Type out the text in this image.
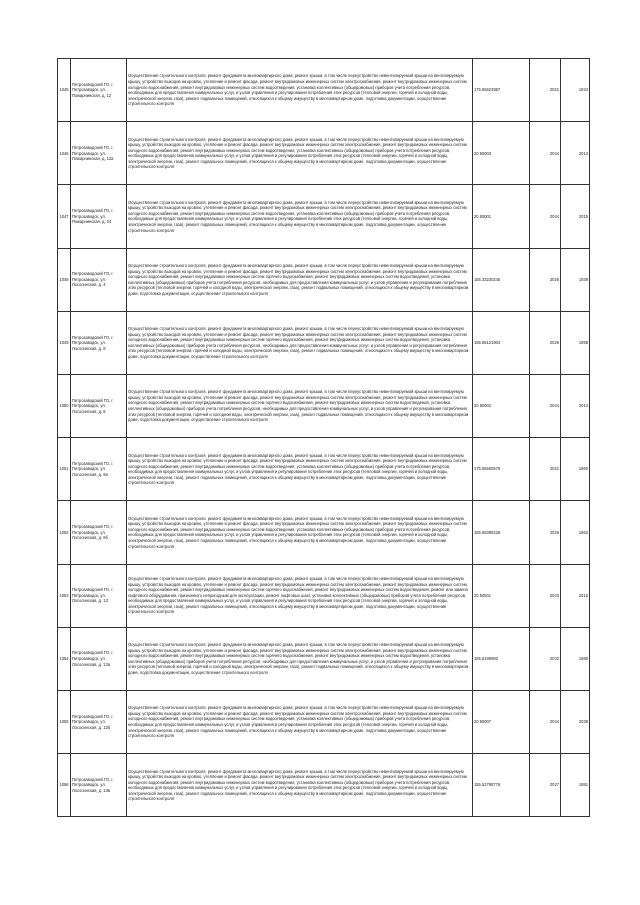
1045	Петрозаводский ГО, г. Петрозаводск, ул. Пожарнинская, д. 12	Осуществление строительного контроля, ремонт фундамента многоквартирного дома, ремонт крыши, в том числе переустройство невентилируемой крыши на вентилируемую крышу, устройство выходов на кровлю, утепление и ремонт фасада, ремонт внутридомовых инженерных систем электроснабжения, ремонт внутридомовых инженерных систем холодного водоснабжения, ремонт внутридомовых инженерных систем водоотведения, установка коллективных (общедомовых) приборов учета потребления ресурсов, необходимых для предоставления коммунальных услуг, и узлов управления и регулирования потребления этих ресурсов (тепловой энергии, горячей и холодной воды, электрической энергии, газа), ремонт подвальных помещений, относящихся к общему имуществу в многоквартирном доме, подготовка документации, осуществление строительного контроля	175.55624987	2021	1934
1046	Петрозаводский ГО, г. Петрозаводск, ул. Пожарнинская, д. 12а	Осуществление строительного контроля, ремонт фундамента многоквартирного дома, ремонт крыши, в том числе переустройство невентилируемой крыши на вентилируемую крышу, устройство выходов на кровлю, утепление и ремонт фасада, ремонт внутридомовых инженерных систем электроснабжения, ремонт внутридомовых инженерных систем холодного водоснабжения, ремонт внутридомовых инженерных систем водоотведения, установка коллективных (общедомовых) приборов учета потребления ресурсов, необходимых для предоставления коммунальных услуг, и узлов управления и регулирования потребления этих ресурсов (тепловой энергии, горячей и холодной воды, электрической энергии, газа), ремонт подвальных помещений, относящихся к общему имуществу в многоквартирном доме, подготовка документации, осуществление строительного контроля	20.50003	2044	2013
1047	Петрозаводский ГО, г. Петрозаводск, ул. Пожарнинская, д. 24	Осуществление строительного контроля, ремонт фундамента многоквартирного дома, ремонт крыши, в том числе переустройство невентилируемой крыши на вентилируемую крышу, устройство выходов на кровлю, утепление и ремонт фасада, ремонт внутридомовых инженерных систем электроснабжения, ремонт внутридомовых инженерных систем холодного водоснабжения, ремонт внутридомовых инженерных систем водоотведения, установка коллективных (общедомовых) приборов учета потребления ресурсов, необходимых для предоставления коммунальных услуг, и узлов управления и регулирования потребления этих ресурсов (тепловой энергии, горячей и холодной воды, электрической энергии, газа), ремонт подвальных помещений, относящихся к общему имуществу в многоквартирном доме, подготовка документации, осуществление строительного контроля	20.50001	2044	2015
1048	Петрозаводский ГО, г. Петрозаводск, ул. Лососинская, д. 4	Осуществление строительного контроля, ремонт фундамента многоквартирного дома, ремонт крыши, в том числе переустройство невентилируемой крыши на вентилируемую крышу, устройство выходов на кровлю, утепление и ремонт фасада, ремонт внутридомовых инженерных систем электроснабжения, ремонт внутридомовых инженерных систем холодного водоснабжения, ремонт внутридомовых инженерных систем горячего водоснабжения, ремонт внутридомовых инженерных систем водоотведения, установка коллективных (общедомовых) приборов учета потребления ресурсов, необходимых для предоставления коммунальных услуг, и узлов управления и регулирования потребления этих ресурсов (тепловой энергии, горячей и холодной воды, электрической энергии, газа), ремонт подвальных помещений, относящихся к общему имуществу в многоквартирном доме, подготовка документации, осуществление строительного контроля	155.33230245	2026	1939
1049	Петрозаводский ГО, г. Петрозаводск, ул. Лососинская, д. 8	Осуществление строительного контроля, ремонт фундамента многоквартирного дома, ремонт крыши, в том числе переустройство невентилируемой крыши на вентилируемую крышу, устройство выходов на кровлю, утепление и ремонт фасада, ремонт внутридомовых инженерных систем электроснабжения, ремонт внутридомовых инженерных систем холодного водоснабжения, ремонт внутридомовых инженерных систем горячего водоснабжения, ремонт внутридомовых инженерных систем водоотведения, установка коллективных (общедомовых) приборов учета потребления ресурсов, необходимых для предоставления коммунальных услуг, и узлов управления и регулирования потребления этих ресурсов (тепловой энергии, горячей и холодной воды, электрической энергии, газа), ремонт подвальных помещений, относящихся к общему имуществу в многоквартирном доме, подготовка документации, осуществление строительного контроля	155.85121904	2026	1958
1050	Петрозаводский ГО, г. Петрозаводск, ул. Лососинская, д. 9	Осуществление строительного контроля, ремонт фундамента многоквартирного дома, ремонт крыши, в том числе переустройство невентилируемой крыши на вентилируемую крышу, устройство выходов на кровлю, утепление и ремонт фасада, ремонт внутридомовых инженерных систем электроснабжения, ремонт внутридомовых инженерных систем холодного водоснабжения, ремонт внутридомовых инженерных систем горячего водоснабжения, ремонт внутридомовых инженерных систем водоотведения, установка коллективных (общедомовых) приборов учета потребления ресурсов, необходимых для предоставления коммунальных услуг, и узлов управления и регулирования потребления этих ресурсов (тепловой энергии, горячей и холодной воды, электрической энергии, газа), ремонт подвальных помещений, относящихся к общему имуществу в многоквартирном доме, подготовка документации, осуществление строительного контроля	20.50002	2044	2014
1051	Петрозаводский ГО, г. Петрозаводск, ул. Лососинская, д. 9а	Осуществление строительного контроля, ремонт фундамента многоквартирного дома, ремонт крыши, в том числе переустройство невентилируемой крыши на вентилируемую крышу, устройство выходов на кровлю, утепление и ремонт фасада, ремонт внутридомовых инженерных систем электроснабжения, ремонт внутридомовых инженерных систем холодного водоснабжения, ремонт внутридомовых инженерных систем водоотведения, установка коллективных (общедомовых) приборов учета потребления ресурсов, необходимых для предоставления коммунальных услуг, и узлов управления и регулирования потребления этих ресурсов (тепловой энергии, горячей и холодной воды, электрической энергии, газа), ремонт подвальных помещений, относящихся к общему имуществу в многоквартирном доме, подготовка документации, осуществление строительного контроля	175.55560579	2021	1960
1052	Петрозаводский ГО, г. Петрозаводск, ул. Лососинская, д. 9б	Осуществление строительного контроля, ремонт фундамента многоквартирного дома, ремонт крыши, в том числе переустройство невентилируемой крыши на вентилируемую крышу, устройство выходов на кровлю, утепление и ремонт фасада, ремонт внутридомовых инженерных систем электроснабжения, ремонт внутридомовых инженерных систем холодного водоснабжения, ремонт внутридомовых инженерных систем водоотведения, установка коллективных (общедомовых) приборов учета потребления ресурсов, необходимых для предоставления коммунальных услуг, и узлов управления и регулирования потребления этих ресурсов (тепловой энергии, горячей и холодной воды, электрической энергии, газа), ремонт подвальных помещений, относящихся к общему имуществу в многоквартирном доме, подготовка документации, осуществление строительного контроля	155.58398226	2026	1962
1053	Петрозаводский ГО, г. Петрозаводск, ул. Лососинская, д. 13	Осуществление строительного контроля, ремонт фундамента многоквартирного дома, ремонт крыши, в том числе переустройство невентилируемой крыши на вентилируемую крышу, устройство выходов на кровлю, утепление и ремонт фасада, ремонт внутридомовых инженерных систем электроснабжения, ремонт внутридомовых инженерных систем холодного водоснабжения, ремонт внутридомовых инженерных систем горячего водоснабжения, ремонт внутридомовых инженерных систем водоотведения, ремонт или замена лифтового оборудования, признанного непригодным для эксплуатации, ремонт лифтовых шахт, установка коллективных (общедомовых) приборов учета потребления ресурсов, необходимых для предоставления коммунальных услуг, и узлов управления и регулирования потребления этих ресурсов (тепловой энергии, горячей и холодной воды, электрической энергии, газа), ремонт подвальных помещений, относящихся к общему имуществу в многоквартирном доме, подготовка документации, осуществление строительного контроля	20.50501	2043	2015
1054	Петрозаводский ГО, г. Петрозаводск, ул. Лососинская, д. 13а	Осуществление строительного контроля, ремонт фундамента многоквартирного дома, ремонт крыши, в том числе переустройство невентилируемой крыши на вентилируемую крышу, устройство выходов на кровлю, утепление и ремонт фасада, ремонт внутридомовых инженерных систем электроснабжения, ремонт внутридомовых инженерных систем холодного водоснабжения, ремонт внутридомовых инженерных систем горячего водоснабжения, ремонт внутридомовых инженерных систем водоотведения, установка коллективных (общедомовых) приборов учета потребления ресурсов, необходимых для предоставления коммунальных услуг, и узлов управления и регулирования потребления этих ресурсов (тепловой энергии, горячей и холодной воды, электрической энергии, газа), ремонт подвальных помещений, относящихся к общему имуществу в многоквартирном доме, подготовка документации, осуществление строительного контроля	155.5199983	2032	1980
1055	Петрозаводский ГО, г. Петрозаводск, ул. Лососинская, д. 13б	Осуществление строительного контроля, ремонт фундамента многоквартирного дома, ремонт крыши, в том числе переустройство невентилируемой крыши на вентилируемую крышу, устройство выходов на кровлю, утепление и ремонт фасада, ремонт внутридомовых инженерных систем электроснабжения, ремонт внутридомовых инженерных систем холодного водоснабжения, ремонт внутридомовых инженерных систем водоотведения, установка коллективных (общедомовых) приборов учета потребления ресурсов, необходимых для предоставления коммунальных услуг, и узлов управления и регулирования потребления этих ресурсов (тепловой энергии, горячей и холодной воды, электрической энергии, газа), ремонт подвальных помещений, относящихся к общему имуществу в многоквартирном доме, подготовка документации, осуществление строительного контроля	20.50007	2044	2039
1056	Петрозаводский ГО, г. Петрозаводск, ул. Лососинская, д. 13в	Осуществление строительного контроля, ремонт фундамента многоквартирного дома, ремонт крыши, в том числе переустройство невентилируемой крыши на вентилируемую крышу, устройство выходов на кровлю, утепление и ремонт фасада, ремонт внутридомовых инженерных систем электроснабжения, ремонт внутридомовых инженерных систем холодного водоснабжения, ремонт внутридомовых инженерных систем водоотведения, установка коллективных (общедомовых) приборов учета потребления ресурсов, необходимых для предоставления коммунальных услуг, и узлов управления и регулирования потребления этих ресурсов (тепловой энергии, горячей и холодной воды, электрической энергии, газа), ремонт подвальных помещений, относящихся к общему имуществу в многоквартирном доме, подготовка документации, осуществление строительного контроля	155.52798776	2027	1981
